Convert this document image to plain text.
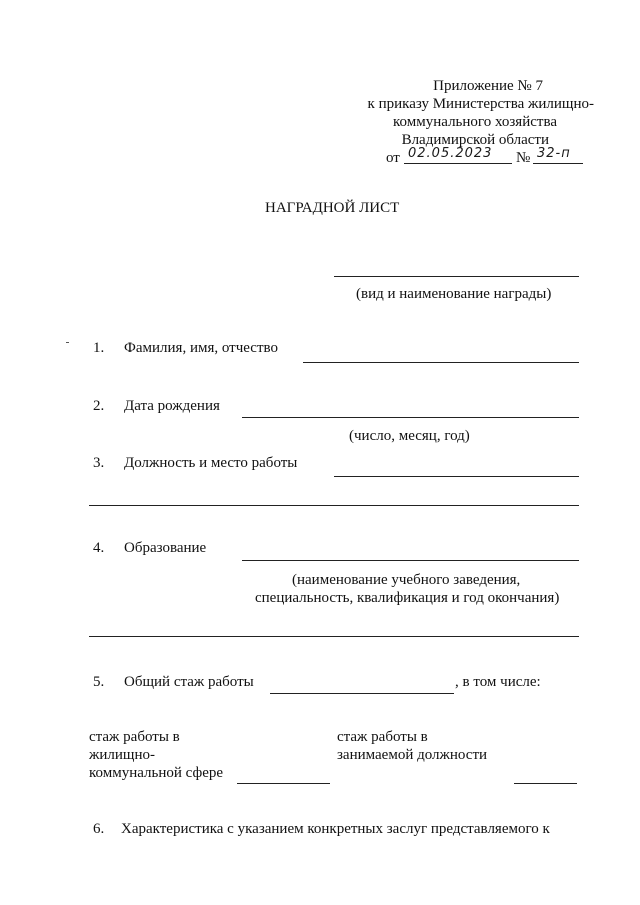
Приложение № 7
к приказу Министерства жилищно-
коммунального хозяйства
Владимирской области
от 02.05.2023 № 32-п
НАГРАДНОЙ ЛИСТ
(вид и наименование награды)
1. Фамилия, имя, отчество
2. Дата рождения
(число, месяц, год)
3. Должность и место работы
4. Образование
(наименование учебного заведения,
специальность, квалификация и год окончания)
5. Общий стаж работы	, в том числе:
стаж работы в
жилищно-
коммунальной сфере
стаж работы в
занимаемой должности
6. Характеристика с указанием конкретных заслуг представляемого к
